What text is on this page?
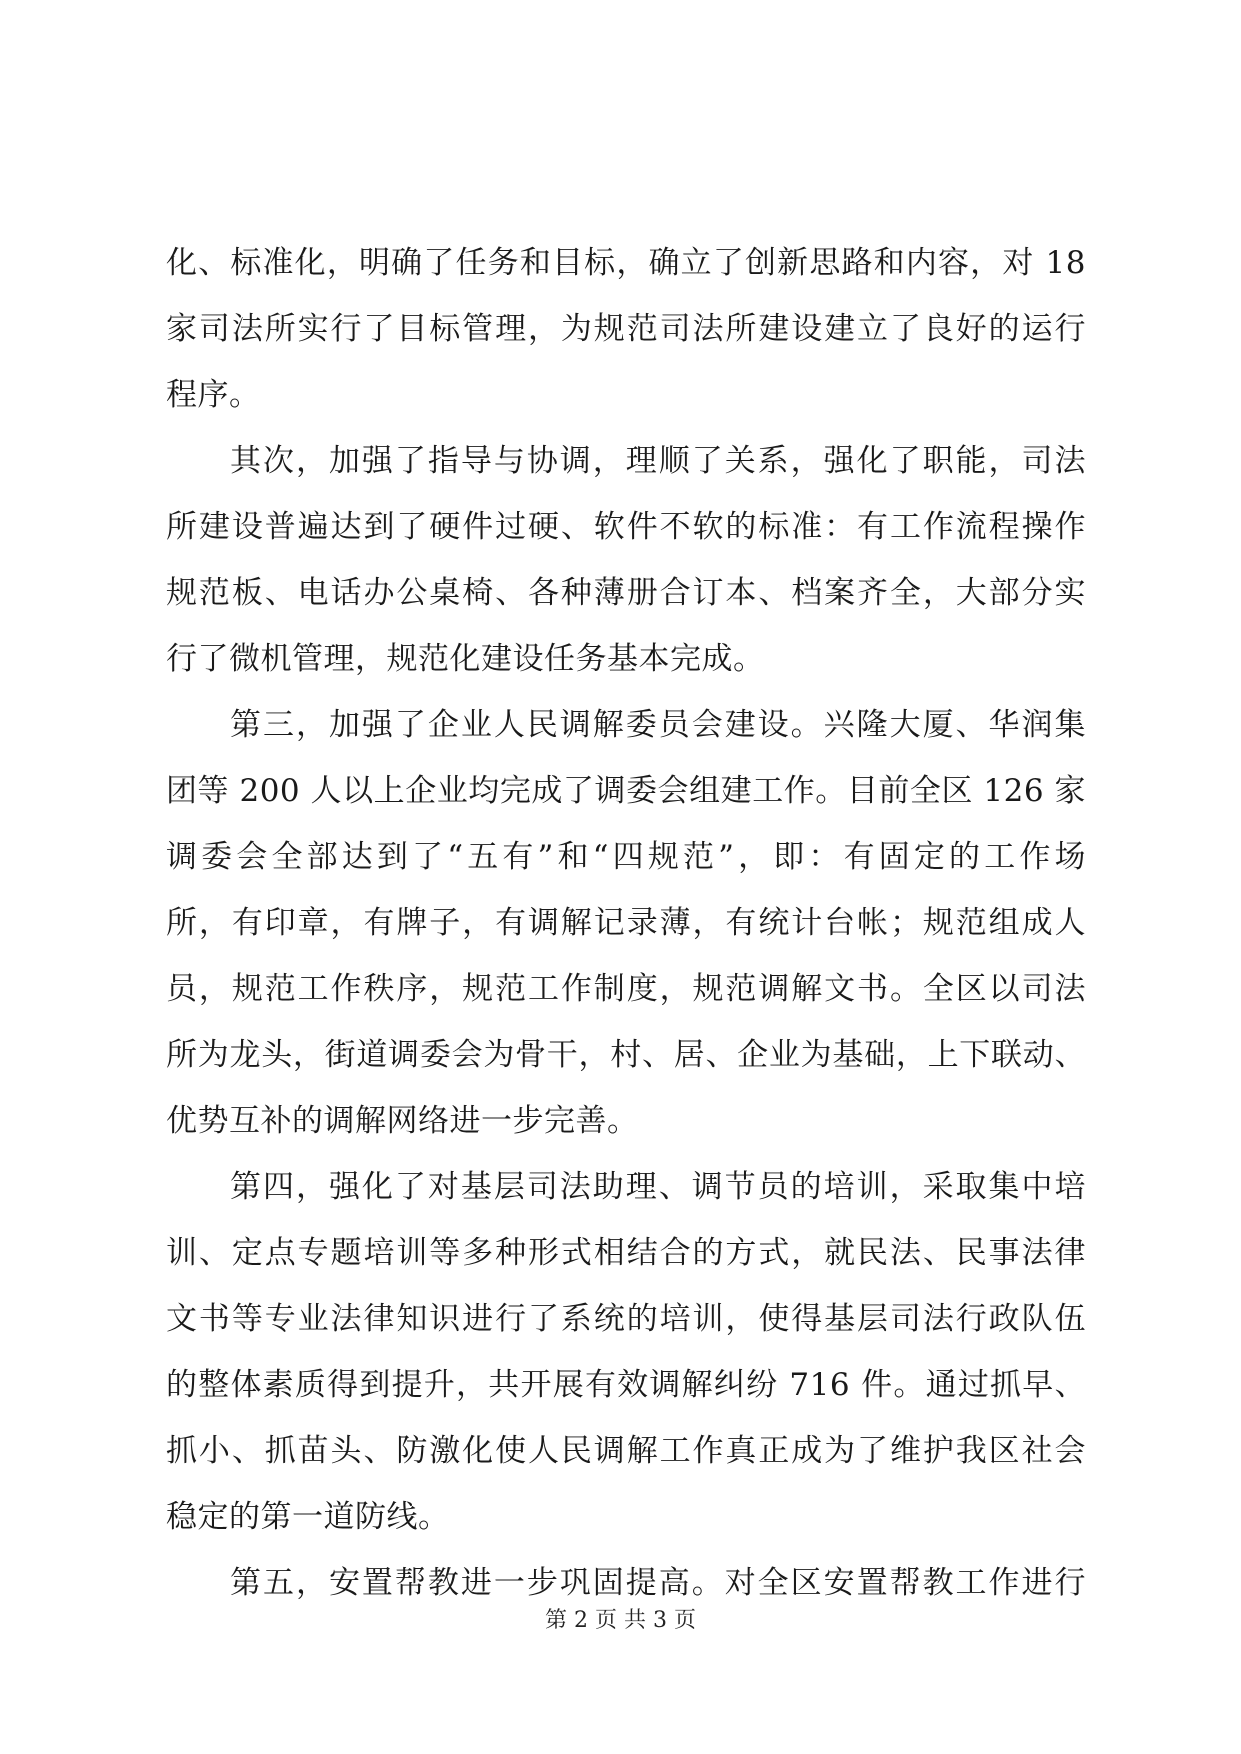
化、标准化，明确了任务和目标，确立了创新思路和内容，对 18
家司法所实行了目标管理，为规范司法所建设建立了良好的运行
程序。
其次，加强了指导与协调，理顺了关系，强化了职能，司法
所建设普遍达到了硬件过硬、软件不软的标准：有工作流程操作
规范板、电话办公桌椅、各种薄册合订本、档案齐全，大部分实
行了微机管理，规范化建设任务基本完成。
第三，加强了企业人民调解委员会建设。兴隆大厦、华润集
团等 200 人以上企业均完成了调委会组建工作。目前全区 126 家
调委会全部达到了“五有”和“四规范”，即：有固定的工作场
所，有印章，有牌子，有调解记录薄，有统计台帐；规范组成人
员，规范工作秩序，规范工作制度，规范调解文书。全区以司法
所为龙头，街道调委会为骨干，村、居、企业为基础，上下联动、
优势互补的调解网络进一步完善。
第四，强化了对基层司法助理、调节员的培训，采取集中培
训、定点专题培训等多种形式相结合的方式，就民法、民事法律
文书等专业法律知识进行了系统的培训，使得基层司法行政队伍
的整体素质得到提升，共开展有效调解纠纷 716 件。通过抓早、
抓小、抓苗头、防激化使人民调解工作真正成为了维护我区社会
稳定的第一道防线。
第五，安置帮教进一步巩固提高。对全区安置帮教工作进行
第 2 页 共 3 页
